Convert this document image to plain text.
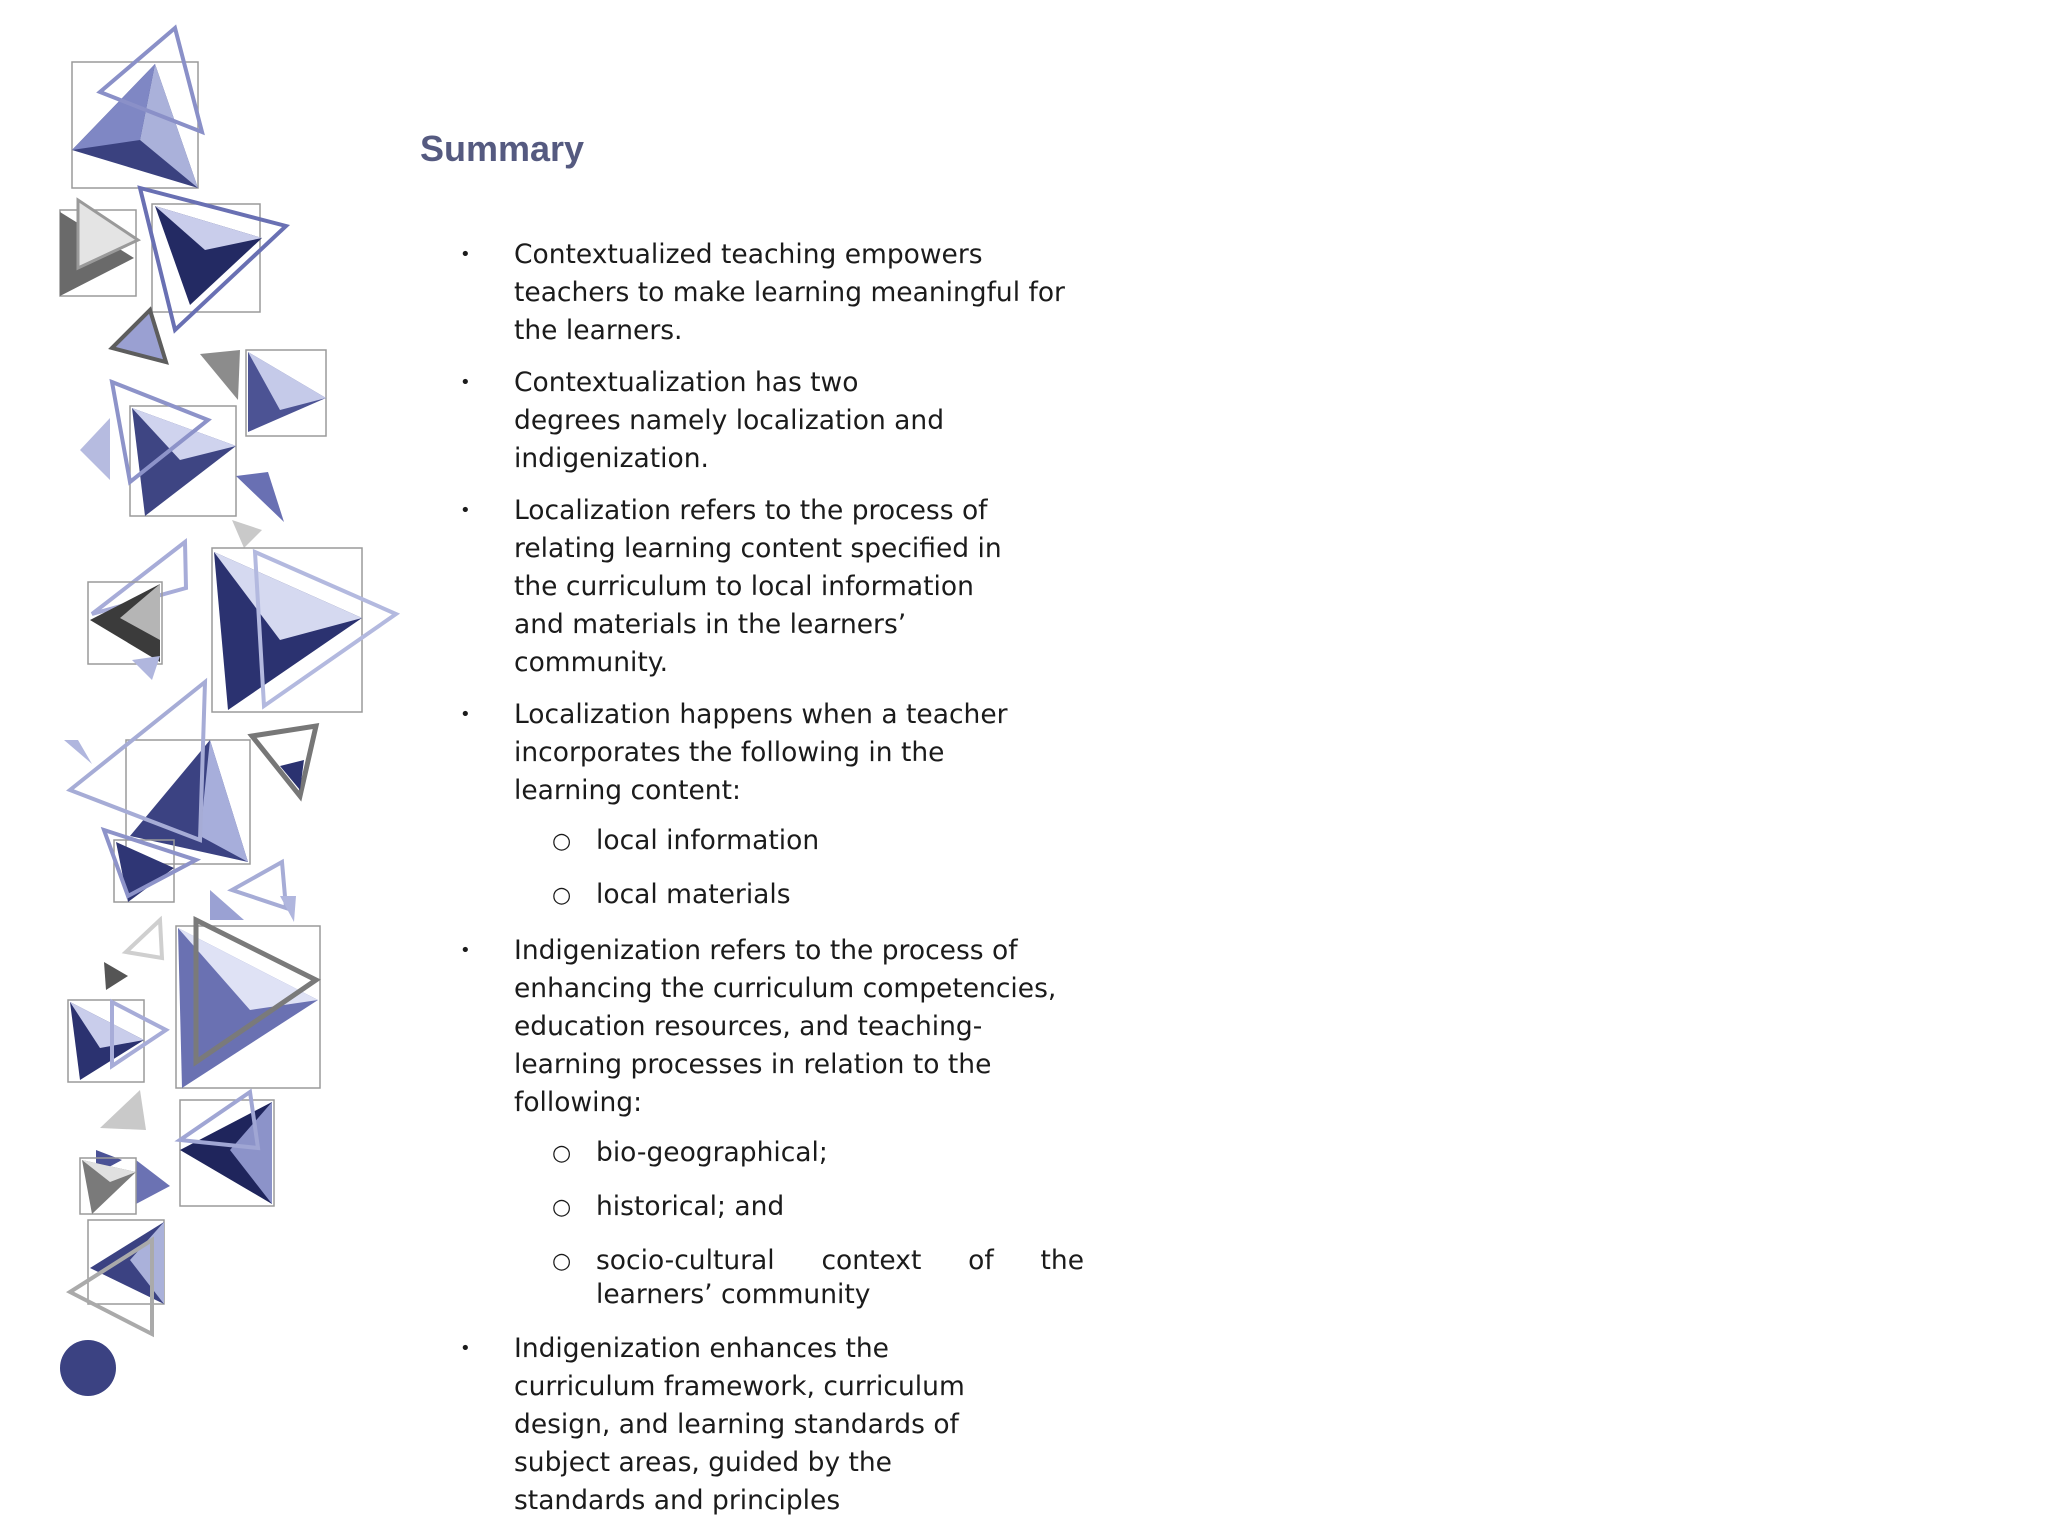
Summary
•	Contextualized teaching empowers teachers to make learning meaningful for the learners.
•	Contextualization has two degrees namely localization and indigenization.
•	Localization refers to the process of relating learning content specified in the curriculum to local information and materials in the learners’ community.
•	Localization happens when a teacher incorporates the following in the learning content:
○ local information
○ local materials
•	Indigenization refers to the process of enhancing the curriculum competencies, education resources, and teaching-learning processes in relation to the following:
○ bio-geographical;
○ historical; and
○ socio-cultural context of the learners’ community
•	Indigenization enhances the curriculum framework, curriculum design, and learning standards of subject areas, guided by the standards and principles
